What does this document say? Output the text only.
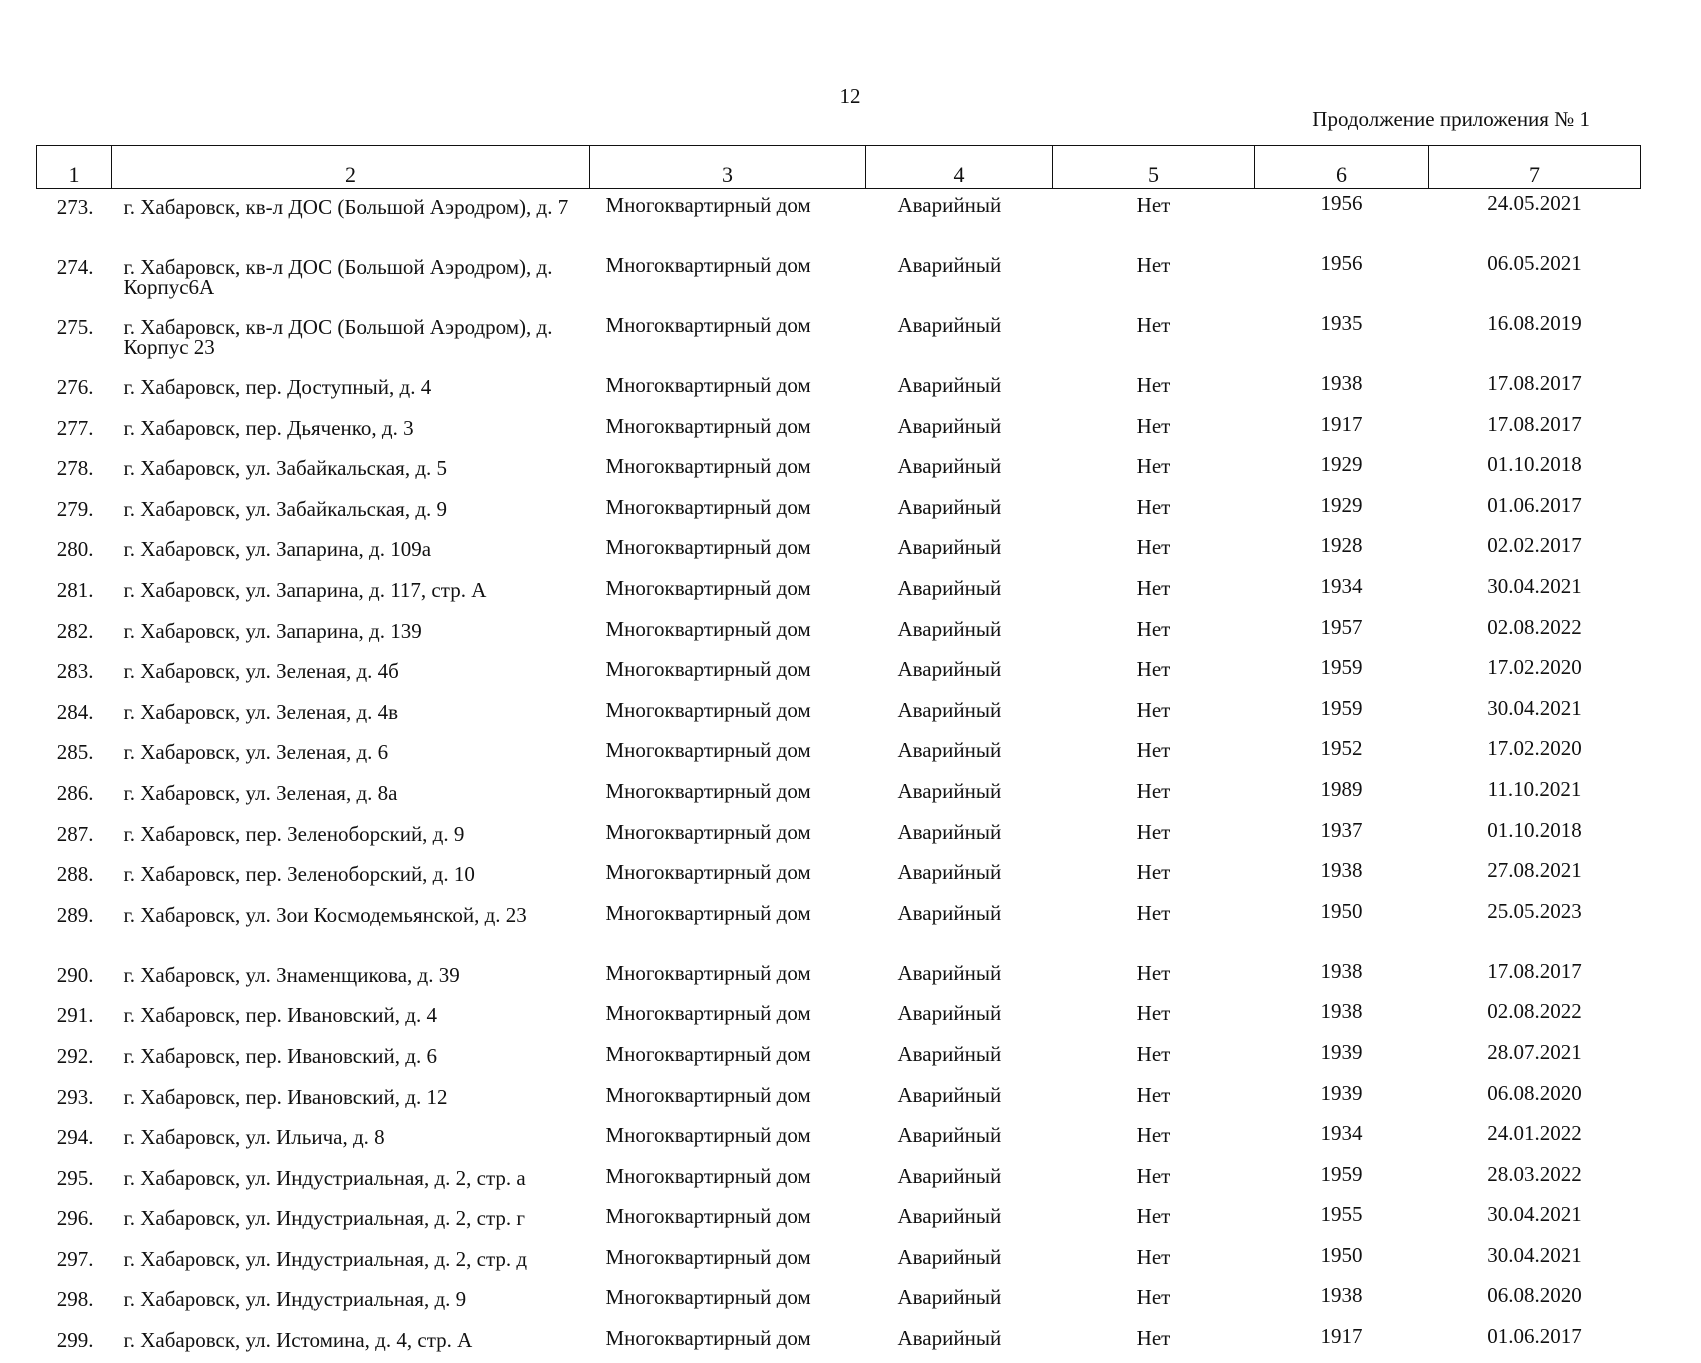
12
Продолжение приложения № 1
1	2	3	4	5	6	7
273.	г. Хабаровск, кв-л ДОС (Большой Аэродром), д. 7	Многоквартирный дом	Аварийный	Нет	1956	24.05.2021
274.	г. Хабаровск, кв-л ДОС (Большой Аэродром), д. Корпус6А	Многоквартирный дом	Аварийный	Нет	1956	06.05.2021
275.	г. Хабаровск, кв-л ДОС (Большой Аэродром), д. Корпус 23	Многоквартирный дом	Аварийный	Нет	1935	16.08.2019
276.	г. Хабаровск, пер. Доступный, д. 4	Многоквартирный дом	Аварийный	Нет	1938	17.08.2017
277.	г. Хабаровск, пер. Дьяченко, д. 3	Многоквартирный дом	Аварийный	Нет	1917	17.08.2017
278.	г. Хабаровск, ул. Забайкальская, д. 5	Многоквартирный дом	Аварийный	Нет	1929	01.10.2018
279.	г. Хабаровск, ул. Забайкальская, д. 9	Многоквартирный дом	Аварийный	Нет	1929	01.06.2017
280.	г. Хабаровск, ул. Запарина, д. 109а	Многоквартирный дом	Аварийный	Нет	1928	02.02.2017
281.	г. Хабаровск, ул. Запарина, д. 117, стр. А	Многоквартирный дом	Аварийный	Нет	1934	30.04.2021
282.	г. Хабаровск, ул. Запарина, д. 139	Многоквартирный дом	Аварийный	Нет	1957	02.08.2022
283.	г. Хабаровск, ул. Зеленая, д. 4б	Многоквартирный дом	Аварийный	Нет	1959	17.02.2020
284.	г. Хабаровск, ул. Зеленая, д. 4в	Многоквартирный дом	Аварийный	Нет	1959	30.04.2021
285.	г. Хабаровск, ул. Зеленая, д. 6	Многоквартирный дом	Аварийный	Нет	1952	17.02.2020
286.	г. Хабаровск, ул. Зеленая, д. 8а	Многоквартирный дом	Аварийный	Нет	1989	11.10.2021
287.	г. Хабаровск, пер. Зеленоборский, д. 9	Многоквартирный дом	Аварийный	Нет	1937	01.10.2018
288.	г. Хабаровск, пер. Зеленоборский, д. 10	Многоквартирный дом	Аварийный	Нет	1938	27.08.2021
289.	г. Хабаровск, ул. Зои Космодемьянской, д. 23	Многоквартирный дом	Аварийный	Нет	1950	25.05.2023
290.	г. Хабаровск, ул. Знаменщикова, д. 39	Многоквартирный дом	Аварийный	Нет	1938	17.08.2017
291.	г. Хабаровск, пер. Ивановский, д. 4	Многоквартирный дом	Аварийный	Нет	1938	02.08.2022
292.	г. Хабаровск, пер. Ивановский, д. 6	Многоквартирный дом	Аварийный	Нет	1939	28.07.2021
293.	г. Хабаровск, пер. Ивановский, д. 12	Многоквартирный дом	Аварийный	Нет	1939	06.08.2020
294.	г. Хабаровск, ул. Ильича, д. 8	Многоквартирный дом	Аварийный	Нет	1934	24.01.2022
295.	г. Хабаровск, ул. Индустриальная, д. 2, стр. а	Многоквартирный дом	Аварийный	Нет	1959	28.03.2022
296.	г. Хабаровск, ул. Индустриальная, д. 2, стр. г	Многоквартирный дом	Аварийный	Нет	1955	30.04.2021
297.	г. Хабаровск, ул. Индустриальная, д. 2, стр. д	Многоквартирный дом	Аварийный	Нет	1950	30.04.2021
298.	г. Хабаровск, ул. Индустриальная, д. 9	Многоквартирный дом	Аварийный	Нет	1938	06.08.2020
299.	г. Хабаровск, ул. Истомина, д. 4, стр. А	Многоквартирный дом	Аварийный	Нет	1917	01.06.2017
